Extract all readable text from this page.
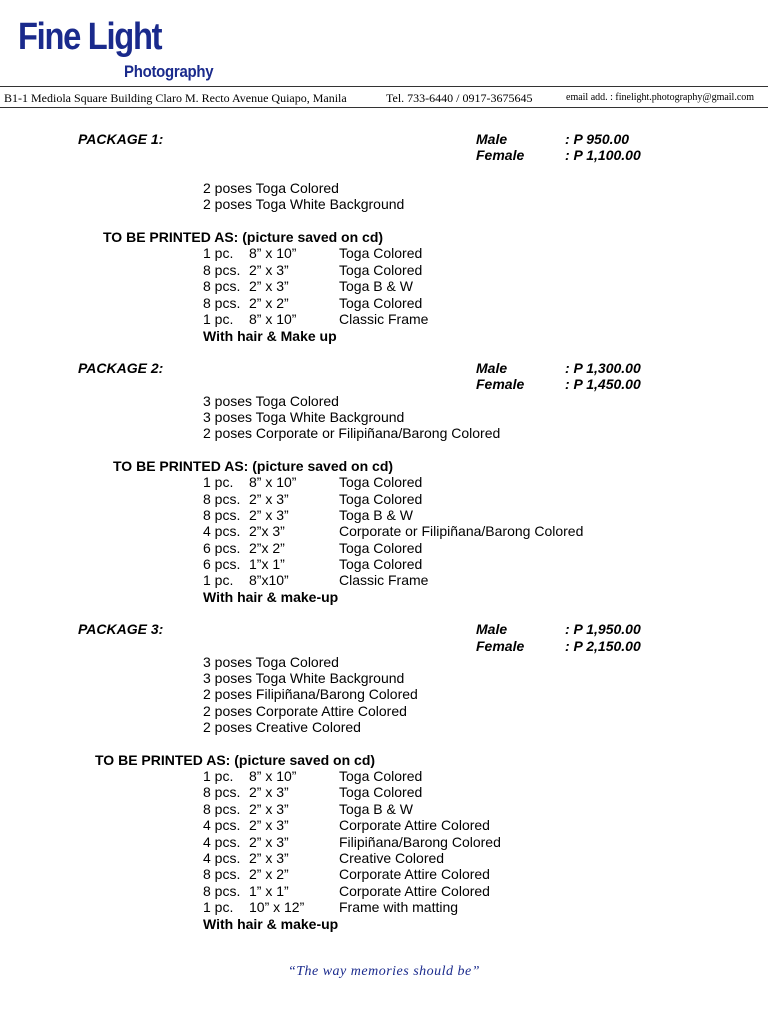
Fine Light
Photography
B1-1 Mediola Square Building Claro M. Recto Avenue Quiapo, Manila	Tel. 733-6440 / 0917-3675645	email add. : finelight.photography@gmail.com
PACKAGE 1:	Male	: P 950.00
Female	: P 1,100.00
2 poses Toga Colored
2 poses Toga White Background
TO BE PRINTED AS: (picture saved on cd)
1 pc. 8” x 10”	Toga Colored
8 pcs. 2” x 3”	Toga Colored
8 pcs. 2” x 3”	Toga B & W
8 pcs. 2” x 2”	Toga Colored
1 pc. 8” x 10”	Classic Frame
With hair & Make up
PACKAGE 2:	Male	: P 1,300.00
Female	: P 1,450.00
3 poses Toga Colored
3 poses Toga White Background
2 poses Corporate or Filipiñana/Barong Colored
TO BE PRINTED AS: (picture saved on cd)
1 pc. 8” x 10”	Toga Colored
8 pcs. 2” x 3”	Toga Colored
8 pcs. 2” x 3”	Toga B & W
4 pcs. 2”x 3”	Corporate or Filipiñana/Barong Colored
6 pcs. 2”x 2”	Toga Colored
6 pcs. 1”x 1”	Toga Colored
1 pc. 8”x10”	Classic Frame
With hair & make-up
PACKAGE 3:	Male	: P 1,950.00
Female	: P 2,150.00
3 poses Toga Colored
3 poses Toga White Background
2 poses Filipiñana/Barong Colored
2 poses Corporate Attire Colored
2 poses Creative Colored
TO BE PRINTED AS: (picture saved on cd)
1 pc. 8” x 10”	Toga Colored
8 pcs. 2” x 3”	Toga Colored
8 pcs. 2” x 3”	Toga B & W
4 pcs. 2” x 3”	Corporate Attire Colored
4 pcs. 2” x 3”	Filipiñana/Barong Colored
4 pcs. 2” x 3”	Creative Colored
8 pcs. 2” x 2”	Corporate Attire Colored
8 pcs. 1” x 1”	Corporate Attire Colored
1 pc. 10” x 12” Frame with matting
With hair & make-up
“The way memories should be”
